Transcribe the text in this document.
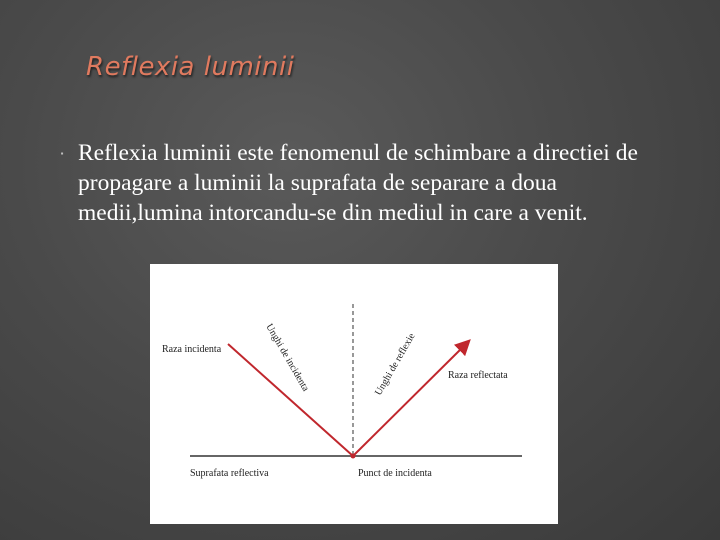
Reflexia luminii
▪ Reflexia luminii este fenomenul de schimbare a directiei de propagare a luminii la suprafata de separare a doua medii,lumina intorcandu-se din mediul in care a venit.

Raza incidenta	Unghi de incidenta	Unghi de reflexie	Raza reflectata
Suprafata reflectiva	Punct de incidenta
